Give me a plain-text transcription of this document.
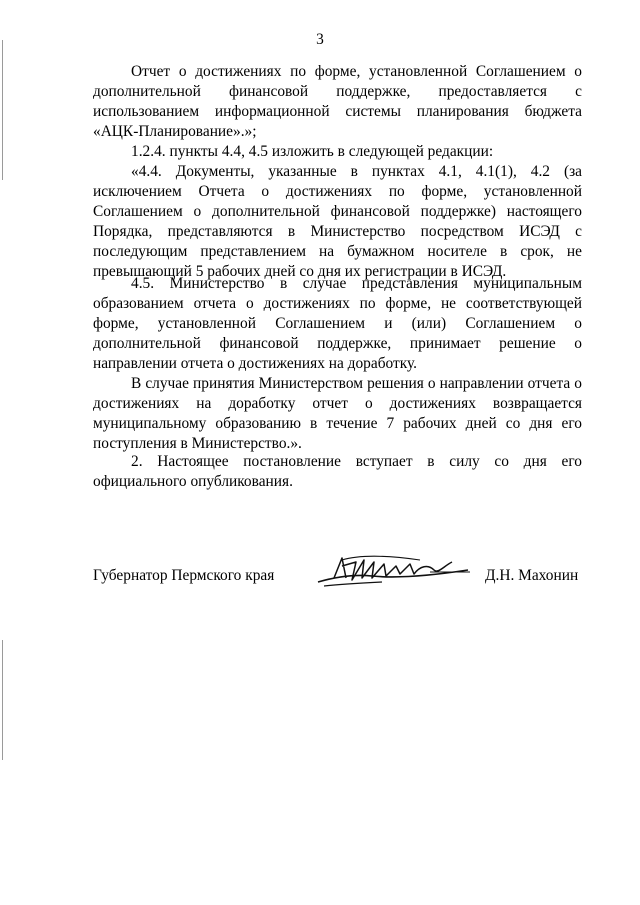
3

Отчет о достижениях по форме, установленной Соглашением о дополнительной финансовой поддержке, предоставляется с использованием информационной системы планирования бюджета «АЦК-Планирование».»;

1.2.4. пункты 4.4, 4.5 изложить в следующей редакции:

«4.4. Документы, указанные в пунктах 4.1, 4.1(1), 4.2 (за исключением Отчета о достижениях по форме, установленной Соглашением о дополнительной финансовой поддержке) настоящего Порядка, представляются в Министерство посредством ИСЭД с последующим представлением на бумажном носителе в срок, не превышающий 5 рабочих дней со дня их регистрации в ИСЭД.

4.5. Министерство в случае представления муниципальным образованием отчета о достижениях по форме, не соответствующей форме, установленной Соглашением и (или) Соглашением о дополнительной финансовой поддержке, принимает решение о направлении отчета о достижениях на доработку.

В случае принятия Министерством решения о направлении отчета о достижениях на доработку отчет о достижениях возвращается муниципальному образованию в течение 7 рабочих дней со дня его поступления в Министерство.».

2. Настоящее постановление вступает в силу со дня его официального опубликования.

Губернатор Пермского края	Д.Н. Махонин
